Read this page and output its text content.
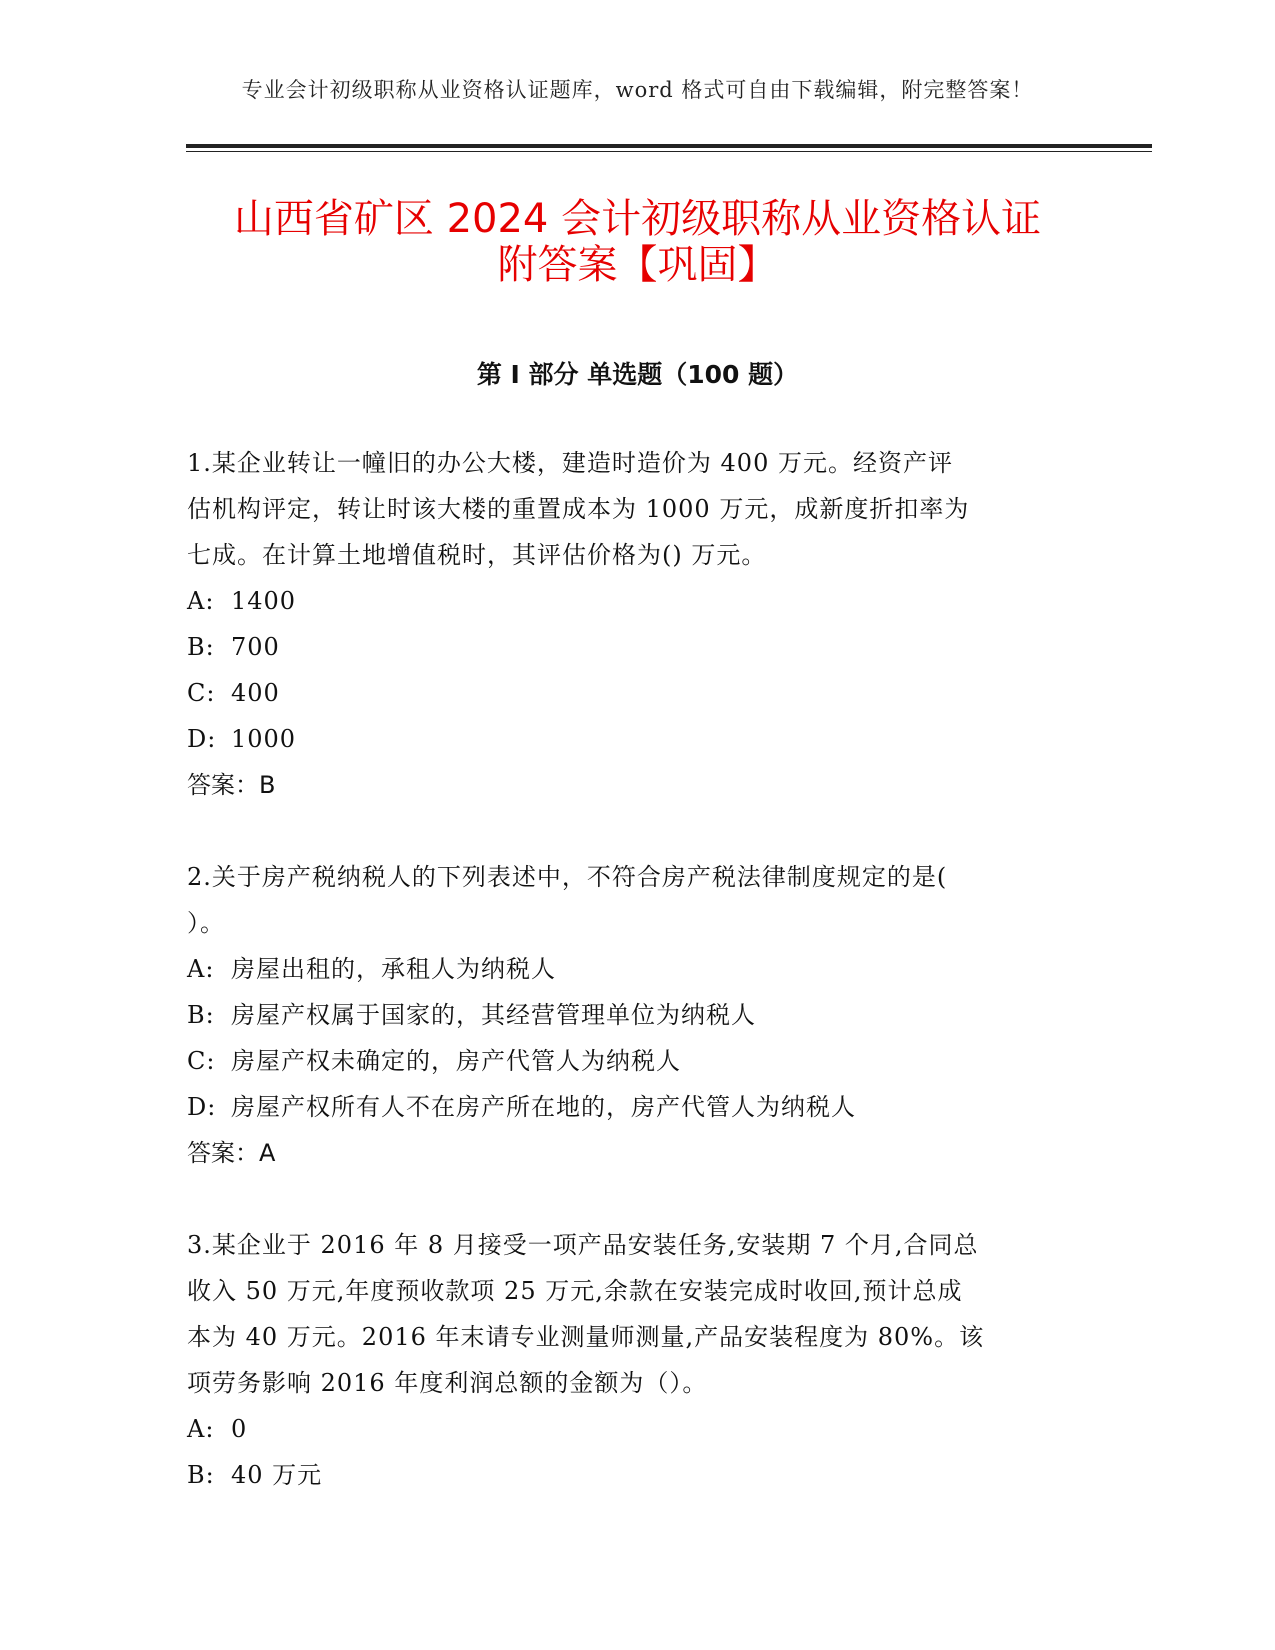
专业会计初级职称从业资格认证题库，word 格式可自由下载编辑，附完整答案！
山西省矿区 2024 会计初级职称从业资格认证
附答案【巩固】
第 I 部分 单选题（100 题）
1.某企业转让一幢旧的办公大楼，建造时造价为 400 万元。经资产评
估机构评定，转让时该大楼的重置成本为 1000 万元，成新度折扣率为
七成。在计算土地增值税时，其评估价格为() 万元。
A: 1400
B: 700
C: 400
D: 1000
答案：B
2.关于房产税纳税人的下列表述中，不符合房产税法律制度规定的是(
）。
A: 房屋出租的，承租人为纳税人
B: 房屋产权属于国家的，其经营管理单位为纳税人
C: 房屋产权未确定的，房产代管人为纳税人
D: 房屋产权所有人不在房产所在地的，房产代管人为纳税人
答案：A
3.某企业于 2016 年 8 月接受一项产品安装任务,安装期 7 个月,合同总
收入 50 万元,年度预收款项 25 万元,余款在安装完成时收回,预计总成
本为 40 万元。2016 年末请专业测量师测量,产品安装程度为 80%。该
项劳务影响 2016 年度利润总额的金额为（）。
A: 0
B: 40 万元
